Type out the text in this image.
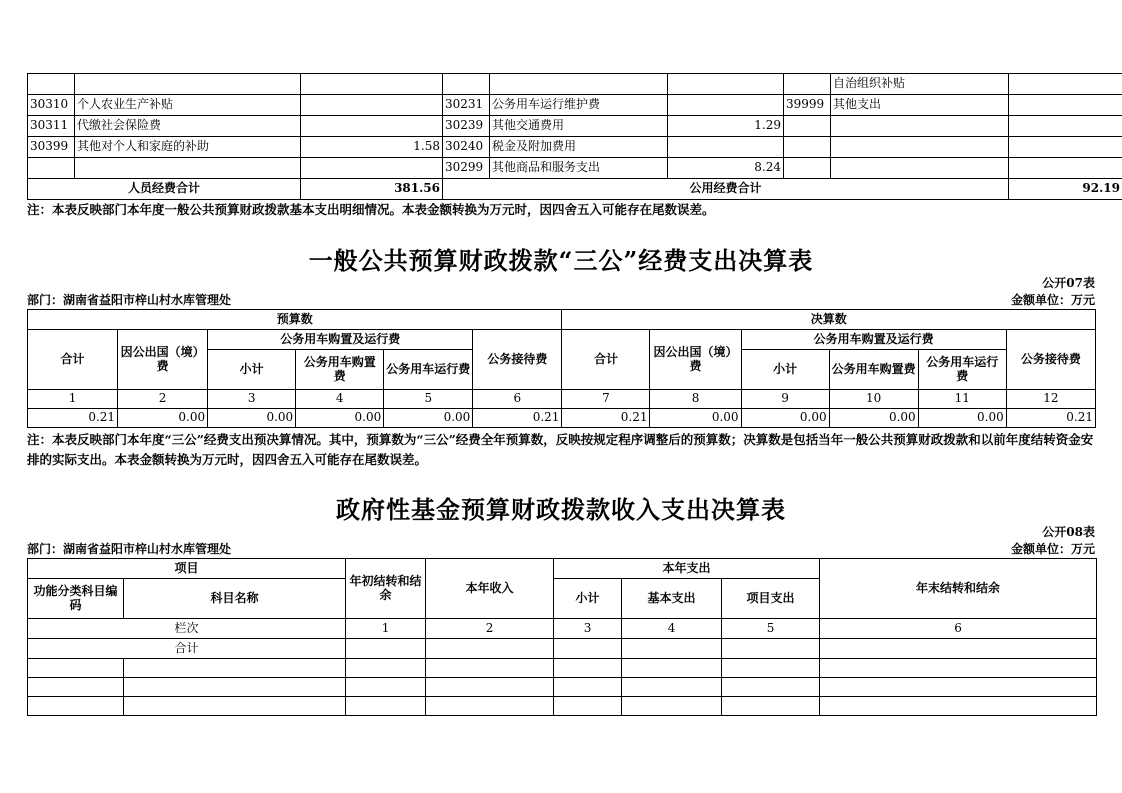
							自治组织补贴	
30310	个人农业生产补贴		30231	公务用车运行维护费		39999	其他支出	
30311	代缴社会保险费		30239	其他交通费用	1.29			
30399	其他对个人和家庭的补助	1.58	30240	税金及附加费用				
			30299	其他商品和服务支出	8.24			
人员经费合计		381.56	公用经费合计					92.19
注：本表反映部门本年度一般公共预算财政拨款基本支出明细情况。本表金额转换为万元时，因四舍五入可能存在尾数误差。
一般公共预算财政拨款“三公”经费支出决算表
公开07表
部门：湖南省益阳市梓山村水库管理处	金额单位：万元
预算数						决算数					
合计	因公出国（境）费	公务用车购置及运行费			公务接待费	合计	因公出国（境）费	公务用车购置及运行费			公务接待费
		小计	公务用车购置费	公务用车运行费				小计	公务用车购置费	公务用车运行费	
1	2	3	4	5	6	7	8	9	10	11	12
0.21	0.00	0.00	0.00	0.00	0.21	0.21	0.00	0.00	0.00	0.00	0.21
注：本表反映部门本年度“三公”经费支出预决算情况。其中，预算数为“三公”经费全年预算数，反映按规定程序调整后的预算数；决算数是包括当年一般公共预算财政拨款和以前年度结转资金安排的实际支出。本表金额转换为万元时，因四舍五入可能存在尾数误差。
政府性基金预算财政拨款收入支出决算表
公开08表
部门：湖南省益阳市梓山村水库管理处	金额单位：万元
项目		年初结转和结余	本年收入	本年支出			年末结转和结余
功能分类科目编码	科目名称			小计	基本支出	项目支出	
栏次		1	2	3	4	5	6
合计							
